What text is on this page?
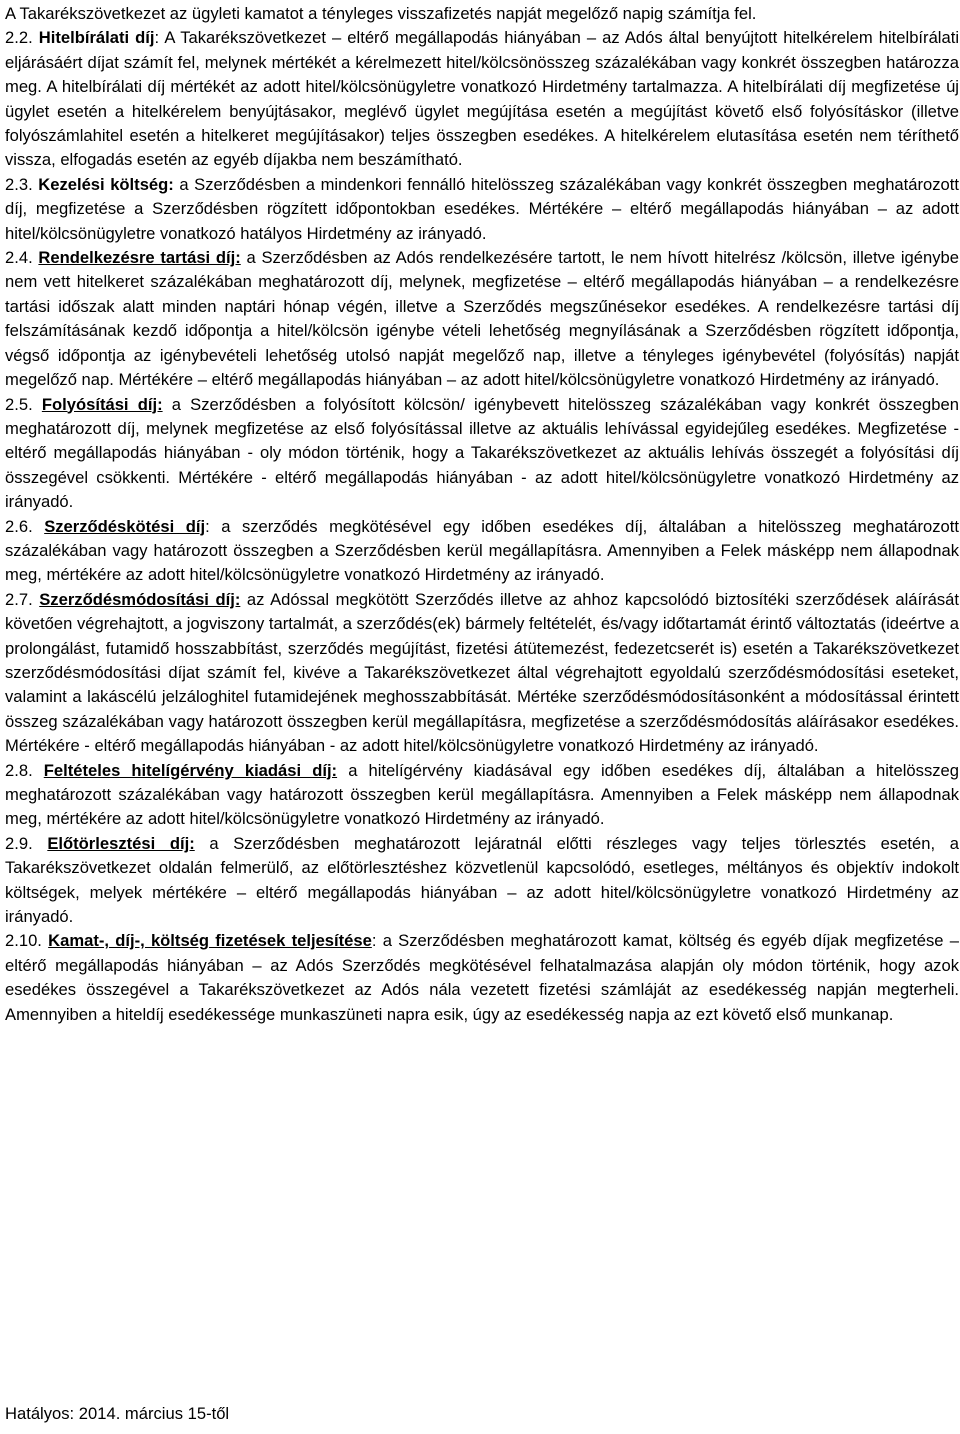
A Takarékszövetkezet az ügyleti kamatot a tényleges visszafizetés napját megelőző napig számítja fel.

2.2. Hitelbírálati díj: A Takarékszövetkezet – eltérő megállapodás hiányában – az Adós által benyújtott hitelkérelem hitelbírálati eljárásáért díjat számít fel, melynek mértékét a kérelmezett hitel/kölcsönösszeg százalékában vagy konkrét összegben határozza meg. A hitelbírálati díj mértékét az adott hitel/kölcsönügyletre vonatkozó Hirdetmény tartalmazza. A hitelbírálati díj megfizetése új ügylet esetén a hitelkérelem benyújtásakor, meglévő ügylet megújítása esetén a megújítást követő első folyósításkor (illetve folyószámlahitel esetén a hitelkeret megújításakor) teljes összegben esedékes. A hitelkérelem elutasítása esetén nem téríthető vissza, elfogadás esetén az egyéb díjakba nem beszámítható.

2.3. Kezelési költség: a Szerződésben a mindenkori fennálló hitelösszeg százalékában vagy konkrét összegben meghatározott díj, megfizetése a Szerződésben rögzített időpontokban esedékes. Mértékére – eltérő megállapodás hiányában – az adott hitel/kölcsönügyletre vonatkozó hatályos Hirdetmény az irányadó.

2.4. Rendelkezésre tartási díj: a Szerződésben az Adós rendelkezésére tartott, le nem hívott hitelrész /kölcsön, illetve igénybe nem vett hitelkeret százalékában meghatározott díj, melynek, megfizetése – eltérő megállapodás hiányában – a rendelkezésre tartási időszak alatt minden naptári hónap végén, illetve a Szerződés megszűnésekor esedékes. A rendelkezésre tartási díj felszámításának kezdő időpontja a hitel/kölcsön igénybe vételi lehetőség megnyílásának a Szerződésben rögzített időpontja, végső időpontja az igénybevételi lehetőség utolsó napját megelőző nap, illetve a tényleges igénybevétel (folyósítás) napját megelőző nap. Mértékére – eltérő megállapodás hiányában – az adott hitel/kölcsönügyletre vonatkozó Hirdetmény az irányadó.

2.5. Folyósítási díj: a Szerződésben a folyósított kölcsön/ igénybevett hitelösszeg százalékában vagy konkrét összegben meghatározott díj, melynek megfizetése az első folyósítással illetve az aktuális lehívással egyidejűleg esedékes. Megfizetése - eltérő megállapodás hiányában - oly módon történik, hogy a Takarékszövetkezet az aktuális lehívás összegét a folyósítási díj összegével csökkenti. Mértékére - eltérő megállapodás hiányában - az adott hitel/kölcsönügyletre vonatkozó Hirdetmény az irányadó.

2.6. Szerződéskötési díj: a szerződés megkötésével egy időben esedékes díj, általában a hitelösszeg meghatározott százalékában vagy határozott összegben a Szerződésben kerül megállapításra. Amennyiben a Felek másképp nem állapodnak meg, mértékére az adott hitel/kölcsönügyletre vonatkozó Hirdetmény az irányadó.

2.7. Szerződésmódosítási díj: az Adóssal megkötött Szerződés illetve az ahhoz kapcsolódó biztosítéki szerződések aláírását követően végrehajtott, a jogviszony tartalmát, a szerződés(ek) bármely feltételét, és/vagy időtartamát érintő változtatás (ideértve a prolongálást, futamidő hosszabbítást, szerződés megújítást, fizetési átütemezést, fedezetcserét is) esetén a Takarékszövetkezet szerződésmódosítási díjat számít fel, kivéve a Takarékszövetkezet által végrehajtott egyoldalú szerződésmódosítási eseteket, valamint a lakáscélú jelzáloghitel futamidejének meghosszabbítását. Mértéke szerződésmódosításonként a módosítással érintett összeg százalékában vagy határozott összegben kerül megállapításra, megfizetése a szerződésmódosítás aláírásakor esedékes. Mértékére - eltérő megállapodás hiányában - az adott hitel/kölcsönügyletre vonatkozó Hirdetmény az irányadó.

2.8. Feltételes hitelígérvény kiadási díj: a hitelígérvény kiadásával egy időben esedékes díj, általában a hitelösszeg meghatározott százalékában vagy határozott összegben kerül megállapításra. Amennyiben a Felek másképp nem állapodnak meg, mértékére az adott hitel/kölcsönügyletre vonatkozó Hirdetmény az irányadó.

2.9. Előtörlesztési díj: a Szerződésben meghatározott lejáratnál előtti részleges vagy teljes törlesztés esetén, a Takarékszövetkezet oldalán felmerülő, az előtörlesztéshez közvetlenül kapcsolódó, esetleges, méltányos és objektív indokolt költségek, melyek mértékére – eltérő megállapodás hiányában – az adott hitel/kölcsönügyletre vonatkozó Hirdetmény az irányadó.

2.10. Kamat-, díj-, költség fizetések teljesítése: a Szerződésben meghatározott kamat, költség és egyéb díjak megfizetése – eltérő megállapodás hiányában – az Adós Szerződés megkötésével felhatalmazása alapján oly módon történik, hogy azok esedékes összegével a Takarékszövetkezet az Adós nála vezetett fizetési számláját az esedékesség napján megterheli. Amennyiben a hiteldíj esedékessége munkaszüneti napra esik, úgy az esedékesség napja az ezt követő első munkanap.

Hatályos: 2014. március 15-től
